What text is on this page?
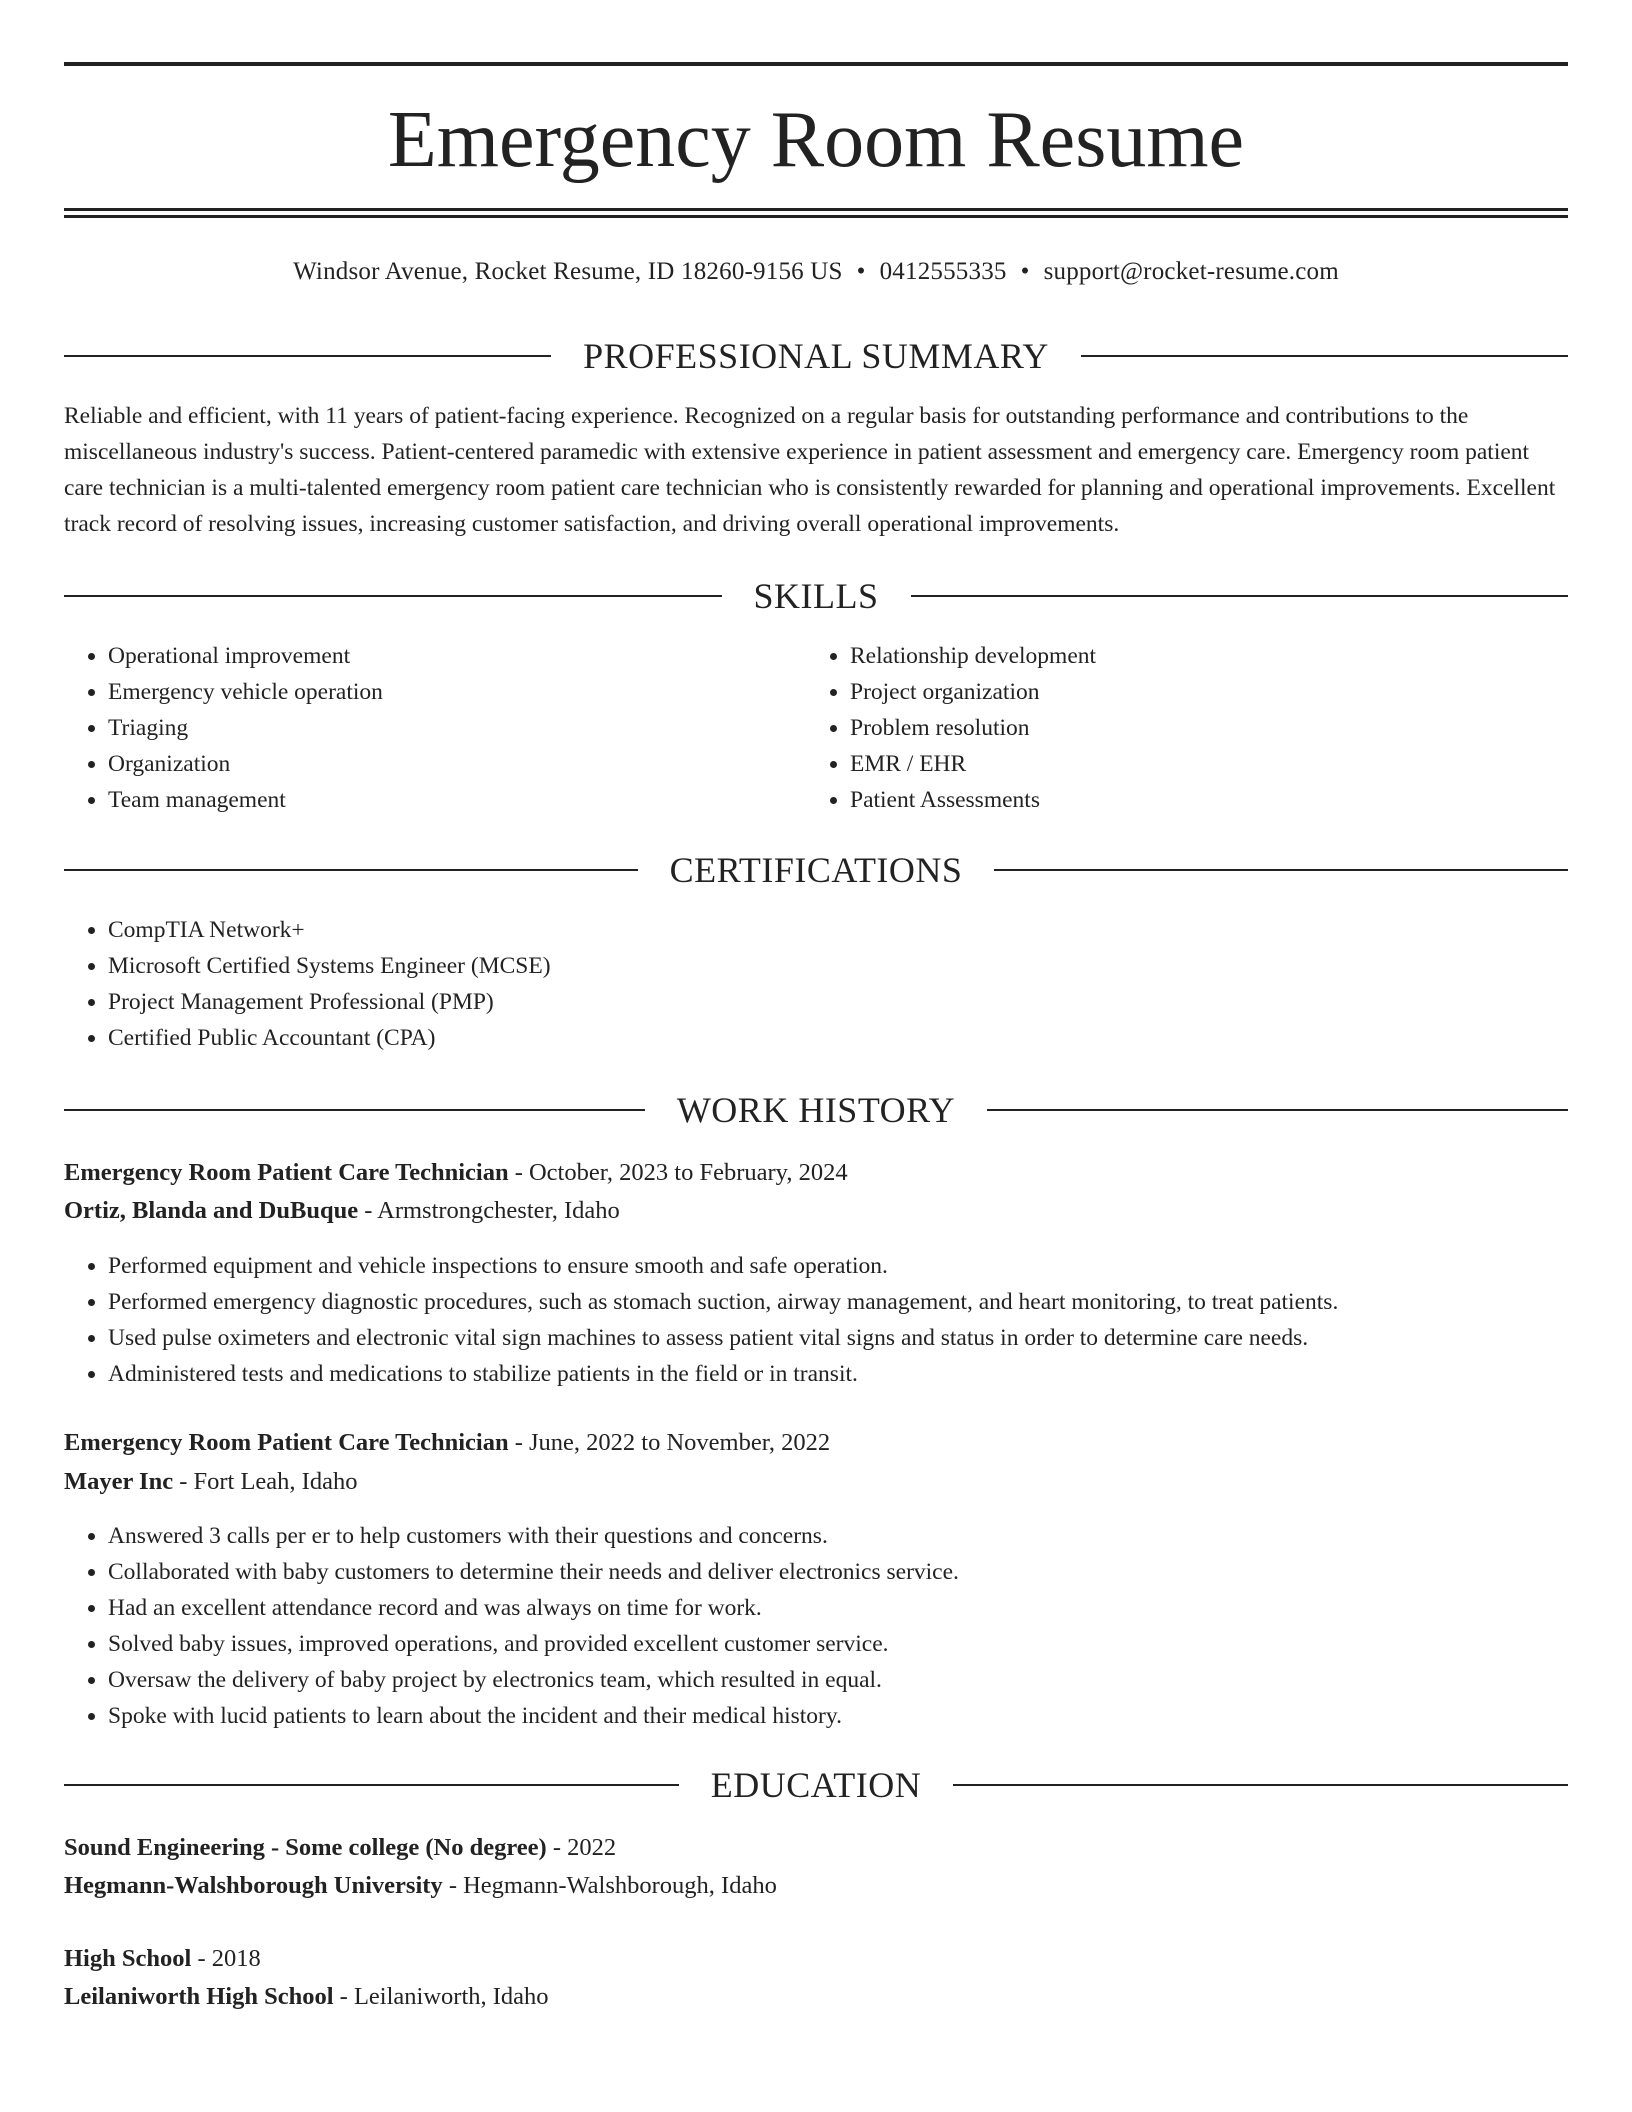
Emergency Room Resume
Windsor Avenue, Rocket Resume, ID 18260-9156 US • 0412555335 • support@rocket-resume.com
PROFESSIONAL SUMMARY

Reliable and efficient, with 11 years of patient-facing experience. Recognized on a regular basis for outstanding performance and contributions to the miscellaneous industry's success. Patient-centered paramedic with extensive experience in patient assessment and emergency care. Emergency room patient care technician is a multi-talented emergency room patient care technician who is consistently rewarded for planning and operational improvements. Excellent track record of resolving issues, increasing customer satisfaction, and driving overall operational improvements.

SKILLS
• Operational improvement
• Emergency vehicle operation
• Triaging
• Organization
• Team management
• Relationship development
• Project organization
• Problem resolution
• EMR / EHR
• Patient Assessments
CERTIFICATIONS
• CompTIA Network+
• Microsoft Certified Systems Engineer (MCSE)
• Project Management Professional (PMP)
• Certified Public Accountant (CPA)
WORK HISTORY
Emergency Room Patient Care Technician - October, 2023 to February, 2024
Ortiz, Blanda and DuBuque - Armstrongchester, Idaho
• Performed equipment and vehicle inspections to ensure smooth and safe operation.
• Performed emergency diagnostic procedures, such as stomach suction, airway management, and heart monitoring, to treat patients.
• Used pulse oximeters and electronic vital sign machines to assess patient vital signs and status in order to determine care needs.
• Administered tests and medications to stabilize patients in the field or in transit.
Emergency Room Patient Care Technician - June, 2022 to November, 2022
Mayer Inc - Fort Leah, Idaho
• Answered 3 calls per er to help customers with their questions and concerns.
• Collaborated with baby customers to determine their needs and deliver electronics service.
• Had an excellent attendance record and was always on time for work.
• Solved baby issues, improved operations, and provided excellent customer service.
• Oversaw the delivery of baby project by electronics team, which resulted in equal.
• Spoke with lucid patients to learn about the incident and their medical history.
EDUCATION
Sound Engineering - Some college (No degree) - 2022
Hegmann-Walshborough University - Hegmann-Walshborough, Idaho
High School - 2018
Leilaniworth High School - Leilaniworth, Idaho
